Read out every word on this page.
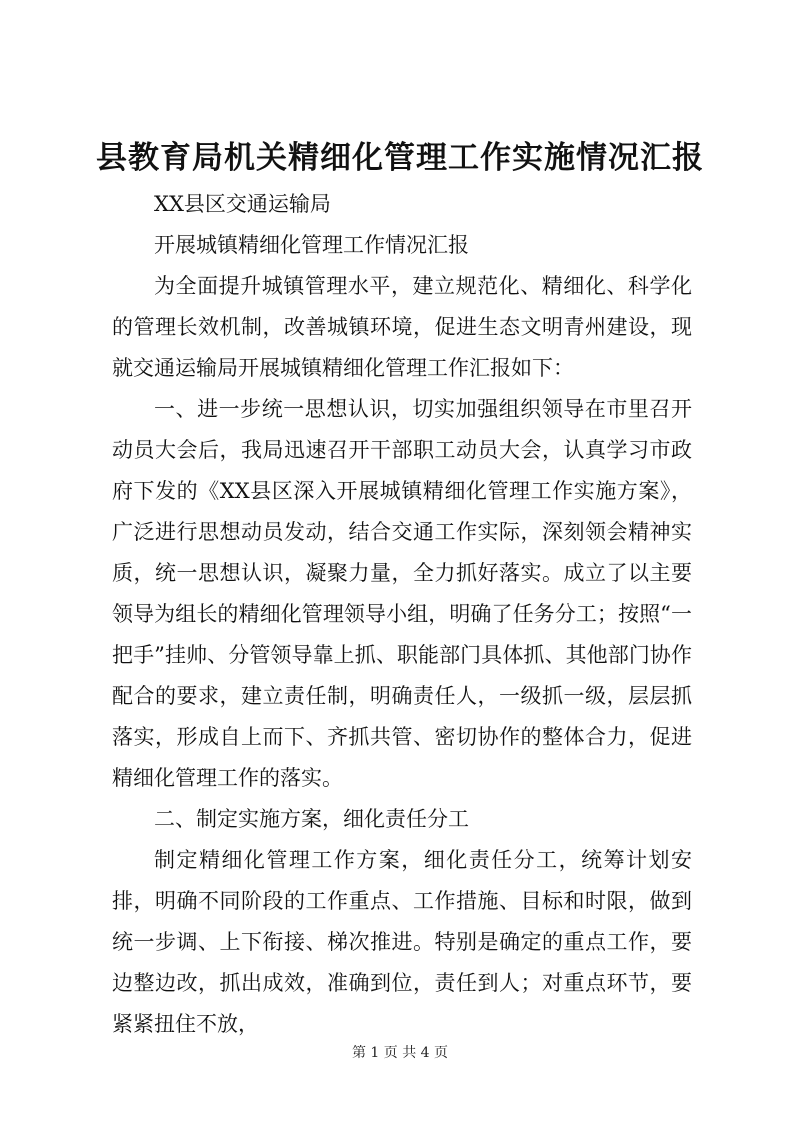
县教育局机关精细化管理工作实施情况汇报

XX县区交通运输局

开展城镇精细化管理工作情况汇报

为全面提升城镇管理水平，建立规范化、精细化、科学化的管理长效机制，改善城镇环境，促进生态文明青州建设，现就交通运输局开展城镇精细化管理工作汇报如下：

一、进一步统一思想认识，切实加强组织领导在市里召开动员大会后，我局迅速召开干部职工动员大会，认真学习市政府下发的《XX县区深入开展城镇精细化管理工作实施方案》，广泛进行思想动员发动，结合交通工作实际，深刻领会精神实质，统一思想认识，凝聚力量，全力抓好落实。成立了以主要领导为组长的精细化管理领导小组，明确了任务分工；按照“一把手”挂帅、分管领导靠上抓、职能部门具体抓、其他部门协作配合的要求，建立责任制，明确责任人，一级抓一级，层层抓落实，形成自上而下、齐抓共管、密切协作的整体合力，促进精细化管理工作的落实。

二、制定实施方案，细化责任分工

制定精细化管理工作方案，细化责任分工，统筹计划安排，明确不同阶段的工作重点、工作措施、目标和时限，做到统一步调、上下衔接、梯次推进。特别是确定的重点工作，要边整边改，抓出成效，准确到位，责任到人；对重点环节，要紧紧扭住不放，

第 1 页 共 4 页
